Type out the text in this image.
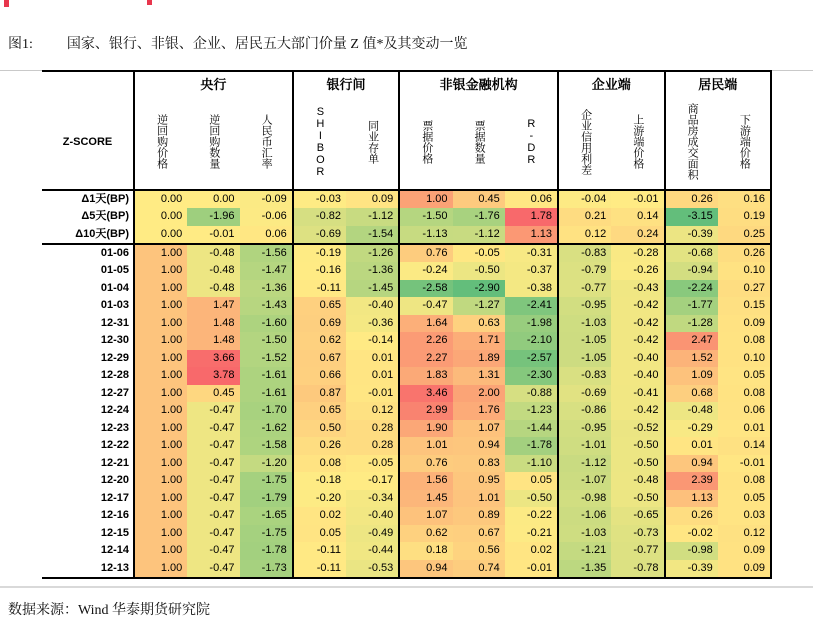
图1: 国家、银行、非银、企业、居民五大部门价量 Z 值*及其变动一览
央行	银行间	非银金融机构	企业端	居民端
Z-SCORE	逆回购价格	逆回购数量	人民币汇率	SHIBOR	同业存单	票据价格	票据数量	R-DR	企业信用利差	上游端价格	商品房成交面积	下游端价格
Δ1天(BP)	0.00	0.00	-0.09	-0.03	0.09	1.00	0.45	0.06	-0.04	-0.01	0.26	0.16
Δ5天(BP)	0.00	-1.96	-0.06	-0.82	-1.12	-1.50	-1.76	1.78	0.21	0.14	-3.15	0.19
Δ10天(BP)	0.00	-0.01	0.06	-0.69	-1.54	-1.13	-1.12	1.13	0.12	0.24	-0.39	0.25
01-06	1.00	-0.48	-1.56	-0.19	-1.26	0.76	-0.05	-0.31	-0.83	-0.28	-0.68	0.26
01-05	1.00	-0.48	-1.47	-0.16	-1.36	-0.24	-0.50	-0.37	-0.79	-0.26	-0.94	0.10
01-04	1.00	-0.48	-1.36	-0.11	-1.45	-2.58	-2.90	-0.38	-0.77	-0.43	-2.24	0.27
01-03	1.00	1.47	-1.43	0.65	-0.40	-0.47	-1.27	-2.41	-0.95	-0.42	-1.77	0.15
12-31	1.00	1.48	-1.60	0.69	-0.36	1.64	0.63	-1.98	-1.03	-0.42	-1.28	0.09
12-30	1.00	1.48	-1.50	0.62	-0.14	2.26	1.71	-2.10	-1.05	-0.42	2.47	0.08
12-29	1.00	3.66	-1.52	0.67	0.01	2.27	1.89	-2.57	-1.05	-0.40	1.52	0.10
12-28	1.00	3.78	-1.61	0.66	0.01	1.83	1.31	-2.30	-0.83	-0.40	1.09	0.05
12-27	1.00	0.45	-1.61	0.87	-0.01	3.46	2.00	-0.88	-0.69	-0.41	0.68	0.08
12-24	1.00	-0.47	-1.70	0.65	0.12	2.99	1.76	-1.23	-0.86	-0.42	-0.48	0.06
12-23	1.00	-0.47	-1.62	0.50	0.28	1.90	1.07	-1.44	-0.95	-0.52	-0.29	0.01
12-22	1.00	-0.47	-1.58	0.26	0.28	1.01	0.94	-1.78	-1.01	-0.50	0.01	0.14
12-21	1.00	-0.47	-1.20	0.08	-0.05	0.76	0.83	-1.10	-1.12	-0.50	0.94	-0.01
12-20	1.00	-0.47	-1.75	-0.18	-0.17	1.56	0.95	0.05	-1.07	-0.48	2.39	0.08
12-17	1.00	-0.47	-1.79	-0.20	-0.34	1.45	1.01	-0.50	-0.98	-0.50	1.13	0.05
12-16	1.00	-0.47	-1.65	0.02	-0.40	1.07	0.89	-0.22	-1.06	-0.65	0.26	0.03
12-15	1.00	-0.47	-1.75	0.05	-0.49	0.62	0.67	-0.21	-1.03	-0.73	-0.02	0.12
12-14	1.00	-0.47	-1.78	-0.11	-0.44	0.18	0.56	0.02	-1.21	-0.77	-0.98	0.09
12-13	1.00	-0.47	-1.73	-0.11	-0.53	0.94	0.74	-0.01	-1.35	-0.78	-0.39	0.09
数据来源：Wind 华泰期货研究院
